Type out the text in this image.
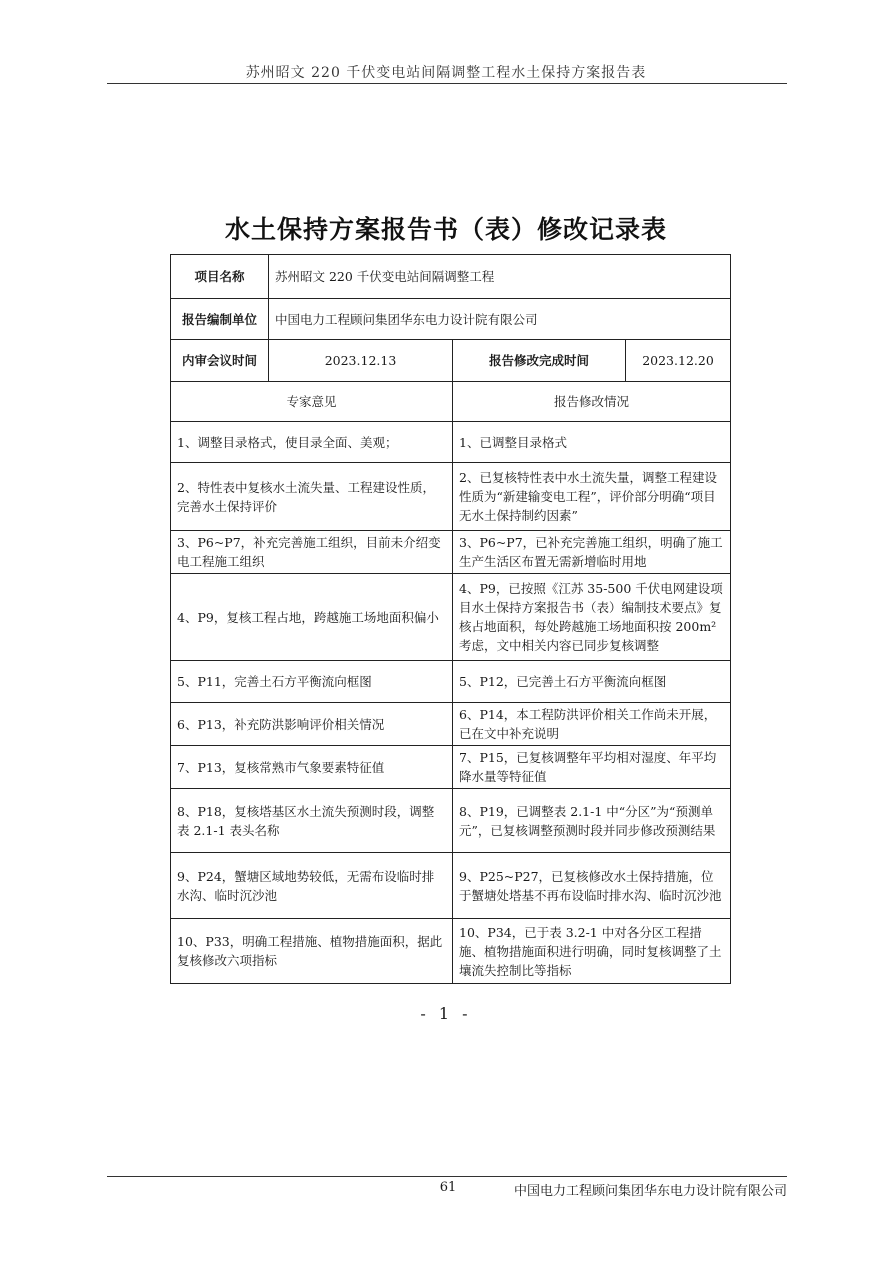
苏州昭文 220 千伏变电站间隔调整工程水土保持方案报告表
水土保持方案报告书（表）修改记录表
项目名称	苏州昭文 220 千伏变电站间隔调整工程		
报告编制单位	中国电力工程顾问集团华东电力设计院有限公司		
内审会议时间	2023.12.13	报告修改完成时间	2023.12.20
专家意见		报告修改情况	
1、调整目录格式，使目录全面、美观；		1、已调整目录格式	
2、特性表中复核水土流失量、工程建设性质，完善水土保持评价		2、已复核特性表中水土流失量，调整工程建设性质为“新建输变电工程”，评价部分明确“项目无水土保持制约因素”	
3、P6~P7，补充完善施工组织，目前未介绍变电工程施工组织		3、P6~P7，已补充完善施工组织，明确了施工生产生活区布置无需新增临时用地	
4、P9，复核工程占地，跨越施工场地面积偏小		4、P9，已按照《江苏 35-500 千伏电网建设项目水土保持方案报告书（表）编制技术要点》复核占地面积，每处跨越施工场地面积按 200m² 考虑，文中相关内容已同步复核调整	
5、P11，完善土石方平衡流向框图		5、P12，已完善土石方平衡流向框图	
6、P13，补充防洪影响评价相关情况		6、P14，本工程防洪评价相关工作尚未开展，已在文中补充说明	
7、P13，复核常熟市气象要素特征值		7、P15，已复核调整年平均相对湿度、年平均降水量等特征值	
8、P18，复核塔基区水土流失预测时段，调整表 2.1-1 表头名称		8、P19，已调整表 2.1-1 中“分区”为“预测单元”，已复核调整预测时段并同步修改预测结果	
9、P24，蟹塘区域地势较低，无需布设临时排水沟、临时沉沙池		9、P25~P27，已复核修改水土保持措施，位于蟹塘处塔基不再布设临时排水沟、临时沉沙池	
10、P33，明确工程措施、植物措施面积，据此复核修改六项指标		10、P34，已于表 3.2-1 中对各分区工程措施、植物措施面积进行明确，同时复核调整了土壤流失控制比等指标	
- 1 -
61	中国电力工程顾问集团华东电力设计院有限公司
